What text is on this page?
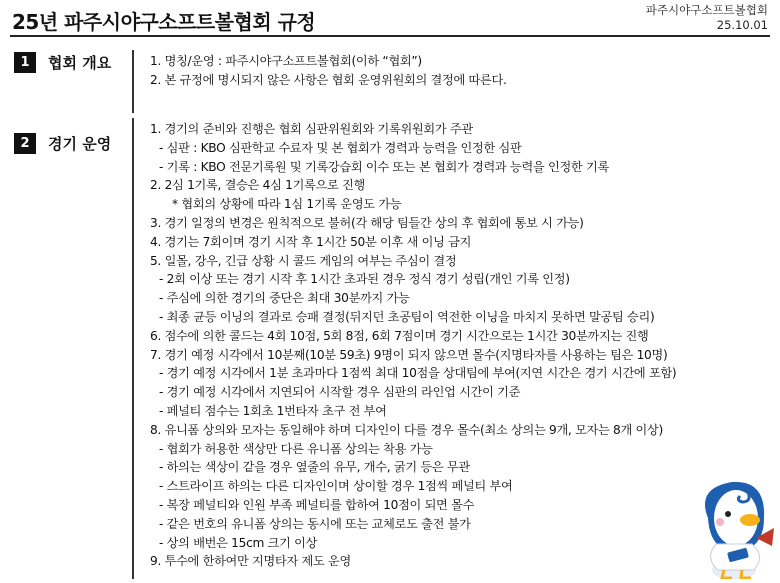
25년 파주시야구소프트볼협회 규정	파주시야구소프트볼협회
25.10.01
1	협회 개요	1. 명칭/운영 : 파주시야구소프트볼협회(이하 “협회”)
2. 본 규정에 명시되지 않은 사항은 협회 운영위원회의 결정에 따른다.
2	경기 운영
1. 경기의 준비와 진행은 협회 심판위원회와 기록위원회가 주관
- 심판 : KBO 심판학교 수료자 및 본 협회가 경력과 능력을 인정한 심판
- 기록 : KBO 전문기록원 및 기록강습회 이수 또는 본 협회가 경력과 능력을 인정한 기록
2. 2심 1기록, 결승은 4심 1기록으로 진행
* 협회의 상황에 따라 1심 1기록 운영도 가능
3. 경기 일정의 변경은 원칙적으로 불허(각 해당 팀들간 상의 후 협회에 통보 시 가능)
4. 경기는 7회이며 경기 시작 후 1시간 50분 이후 새 이닝 금지
5. 일몰, 강우, 긴급 상황 시 콜드 게임의 여부는 주심이 결정
- 2회 이상 또는 경기 시작 후 1시간 초과된 경우 정식 경기 성립(개인 기록 인정)
- 주심에 의한 경기의 중단은 최대 30분까지 가능
- 최종 균등 이닝의 결과로 승패 결정(뒤지던 초공팀이 역전한 이닝을 마치지 못하면 말공팀 승리)
6. 점수에 의한 콜드는 4회 10점, 5회 8점, 6회 7점이며 경기 시간으로는 1시간 30분까지는 진행
7. 경기 예정 시각에서 10분째(10분 59초) 9명이 되지 않으면 몰수(지명타자를 사용하는 팀은 10명)
- 경기 예정 시각에서 1분 초과마다 1점씩 최대 10점을 상대팀에 부여(지연 시간은 경기 시간에 포함)
- 경기 예정 시각에서 지연되어 시작할 경우 심판의 라인업 시간이 기준
- 페널티 점수는 1회초 1번타자 초구 전 부여
8. 유니폼 상의와 모자는 동일해야 하며 디자인이 다를 경우 몰수(최소 상의는 9개, 모자는 8개 이상)
- 협회가 허용한 색상만 다른 유니폼 상의는 착용 가능
- 하의는 색상이 같을 경우 옆줄의 유무, 개수, 굵기 등은 무관
- 스트라이프 하의는 다른 디자인이며 상이할 경우 1점씩 페널티 부여
- 복장 페널티와 인원 부족 페널티를 합하여 10점이 되면 몰수
- 같은 번호의 유니폼 상의는 동시에 또는 교체로도 출전 불가
- 상의 배번은 15cm 크기 이상
9. 투수에 한하여만 지명타자 제도 운영
